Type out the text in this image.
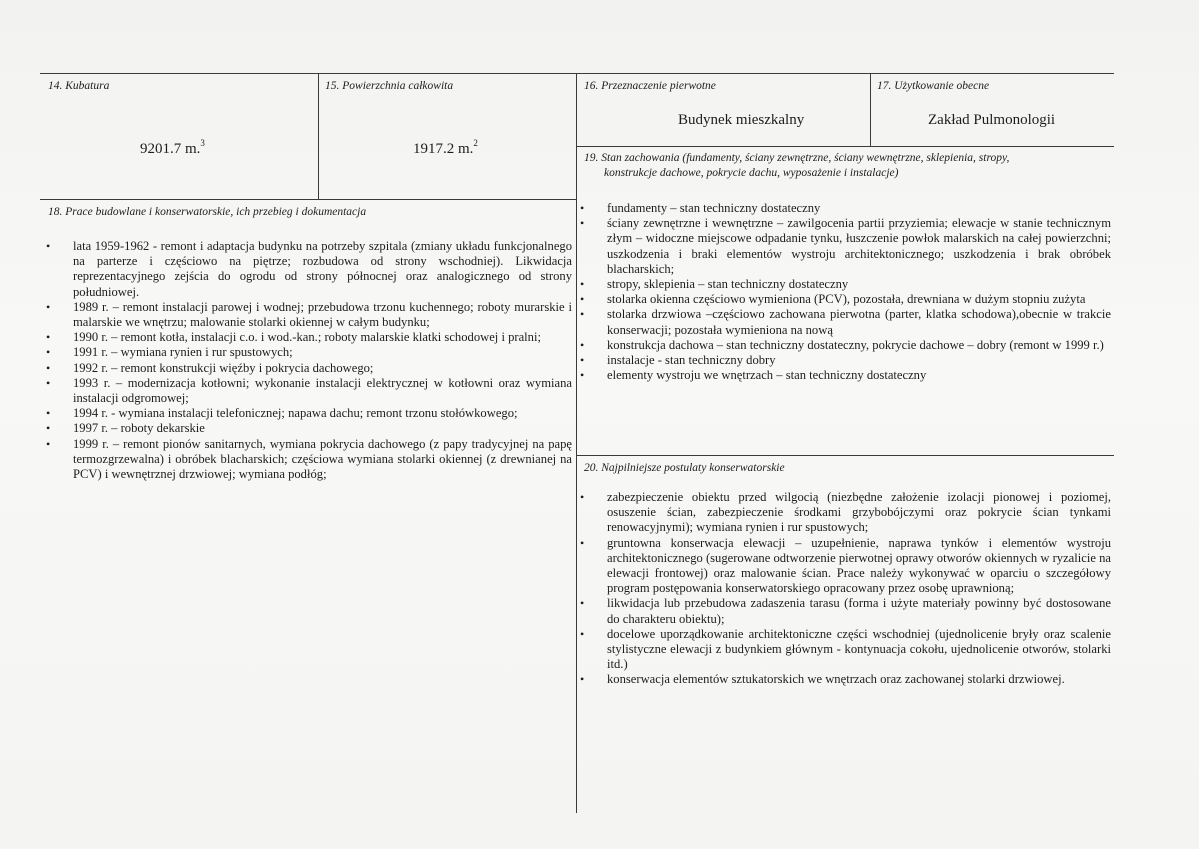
14. Kubatura
9201.7 m.$^3$
15. Powierzchnia całkowita
1917.2 m.$^2$
16. Przeznaczenie pierwotne
Budynek mieszkalny
17. Użytkowanie obecne
Zakład Pulmonologii
18. Prace budowlane i konserwatorskie, ich przebieg i dokumentacja
• lata 1959-1962 - remont i adaptacja budynku na potrzeby szpitala (zmiany układu funkcjonalnego na parterze i częściowo na piętrze; rozbudowa od strony wschodniej). Likwidacja reprezentacyjnego zejścia do ogrodu od strony północnej oraz analogicznego od strony południowej.
• 1989 r. – remont instalacji parowej i wodnej; przebudowa trzonu kuchennego; roboty murarskie i malarskie we wnętrzu; malowanie stolarki okiennej w całym budynku;
• 1990 r. – remont kotła, instalacji c.o. i wod.-kan.; roboty malarskie klatki schodowej i pralni;
• 1991 r. – wymiana rynien i rur spustowych;
• 1992 r. – remont konstrukcji więźby i pokrycia dachowego;
• 1993 r. – modernizacja kotłowni; wykonanie instalacji elektrycznej w kotłowni oraz wymiana instalacji odgromowej;
• 1994 r. - wymiana instalacji telefonicznej; napawa dachu; remont trzonu stołówkowego;
• 1997 r. – roboty dekarskie
• 1999 r. – remont pionów sanitarnych, wymiana pokrycia dachowego (z papy tradycyjnej na papę termozgrzewalna) i obróbek blacharskich; częściowa wymiana stolarki okiennej (z drewnianej na PCV) i wewnętrznej drzwiowej; wymiana podłóg;
19. Stan zachowania (fundamenty, ściany zewnętrzne, ściany wewnętrzne, sklepienia, stropy,
konstrukcje dachowe, pokrycie dachu, wyposażenie i instalacje)
• fundamenty – stan techniczny dostateczny
• ściany zewnętrzne i wewnętrzne – zawilgocenia partii przyziemia; elewacje w stanie technicznym złym – widoczne miejscowe odpadanie tynku, łuszczenie powłok malarskich na całej powierzchni; uszkodzenia i braki elementów wystroju architektonicznego; uszkodzenia i brak obróbek blacharskich;
• stropy, sklepienia – stan techniczny dostateczny
• stolarka okienna częściowo wymieniona (PCV), pozostała, drewniana w dużym stopniu zużyta
• stolarka drzwiowa –częściowo zachowana pierwotna (parter, klatka schodowa),obecnie w trakcie konserwacji; pozostała wymieniona na nową
• konstrukcja dachowa – stan techniczny dostateczny, pokrycie dachowe – dobry (remont w 1999 r.)
• instalacje - stan techniczny dobry
• elementy wystroju we wnętrzach – stan techniczny dostateczny
20. Najpilniejsze postulaty konserwatorskie
• zabezpieczenie obiektu przed wilgocią (niezbędne założenie izolacji pionowej i poziomej, osuszenie ścian, zabezpieczenie środkami grzybobójczymi oraz pokrycie ścian tynkami renowacyjnymi); wymiana rynien i rur spustowych;
• gruntowna konserwacja elewacji – uzupełnienie, naprawa tynków i elementów wystroju architektonicznego (sugerowane odtworzenie pierwotnej oprawy otworów okiennych w ryzalicie na elewacji frontowej) oraz malowanie ścian. Prace należy wykonywać w oparciu o szczegółowy program postępowania konserwatorskiego opracowany przez osobę uprawnioną;
• likwidacja lub przebudowa zadaszenia tarasu (forma i użyte materiały powinny być dostosowane do charakteru obiektu);
• docelowe uporządkowanie architektoniczne części wschodniej (ujednolicenie bryły oraz scalenie stylistyczne elewacji z budynkiem głównym - kontynuacja cokołu, ujednolicenie otworów, stolarki itd.)
• konserwacja elementów sztukatorskich we wnętrzach oraz zachowanej stolarki drzwiowej.
